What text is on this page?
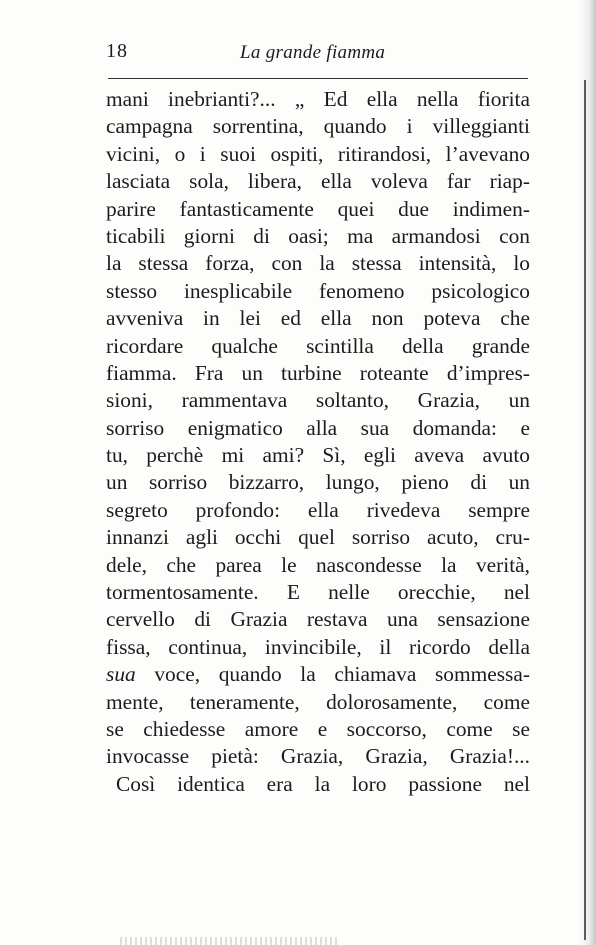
18	La grande fiamma
mani inebrianti?... „ Ed ella nella fiorita
campagna sorrentina, quando i villeggianti
vicini, o i suoi ospiti, ritirandosi, l’avevano
lasciata sola, libera, ella voleva far riap-
parire fantasticamente quei due indimen-
ticabili giorni di oasi; ma armandosi con
la stessa forza, con la stessa intensità, lo
stesso inesplicabile fenomeno psicologico
avveniva in lei ed ella non poteva che
ricordare qualche scintilla della grande
fiamma. Fra un turbine roteante d’impres-
sioni, rammentava soltanto, Grazia, un
sorriso enigmatico alla sua domanda: e
tu, perchè mi ami? Sì, egli aveva avuto
un sorriso bizzarro, lungo, pieno di un
segreto profondo: ella rivedeva sempre
innanzi agli occhi quel sorriso acuto, cru-
dele, che parea le nascondesse la verità,
tormentosamente. E nelle orecchie, nel
cervello di Grazia restava una sensazione
fissa, continua, invincibile, il ricordo della
sua voce, quando la chiamava sommessa-
mente, teneramente, dolorosamente, come
se chiedesse amore e soccorso, come se
invocasse pietà: Grazia, Grazia, Grazia!...
Così identica era la loro passione nel
